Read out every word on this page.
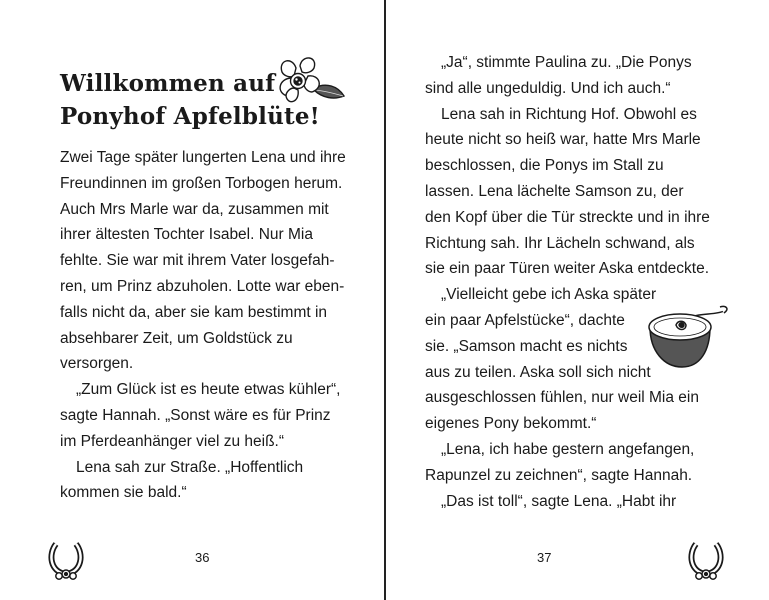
Willkommen auf
Ponyhof Apfelblüte!
Zwei Tage später lungerten Lena und ihre
Freundinnen im großen Torbogen herum.
Auch Mrs Marle war da, zusammen mit
ihrer ältesten Tochter Isabel. Nur Mia
fehlte. Sie war mit ihrem Vater losgefah-
ren, um Prinz abzuholen. Lotte war eben-
falls nicht da, aber sie kam bestimmt in
absehbarer Zeit, um Goldstück zu
versorgen.
„Zum Glück ist es heute etwas kühler“,
sagte Hannah. „Sonst wäre es für Prinz
im Pferdeanhänger viel zu heiß.“
Lena sah zur Straße. „Hoffentlich
kommen sie bald.“
36	37
„Ja“, stimmte Paulina zu. „Die Ponys
sind alle ungeduldig. Und ich auch.“
Lena sah in Richtung Hof. Obwohl es
heute nicht so heiß war, hatte Mrs Marle
beschlossen, die Ponys im Stall zu
lassen. Lena lächelte Samson zu, der
den Kopf über die Tür streckte und in ihre
Richtung sah. Ihr Lächeln schwand, als
sie ein paar Türen weiter Aska entdeckte.
„Vielleicht gebe ich Aska später
ein paar Apfelstücke“, dachte
sie. „Samson macht es nichts
aus zu teilen. Aska soll sich nicht
ausgeschlossen fühlen, nur weil Mia ein
eigenes Pony bekommt.“
„Lena, ich habe gestern angefangen,
Rapunzel zu zeichnen“, sagte Hannah.
„Das ist toll“, sagte Lena. „Habt ihr
